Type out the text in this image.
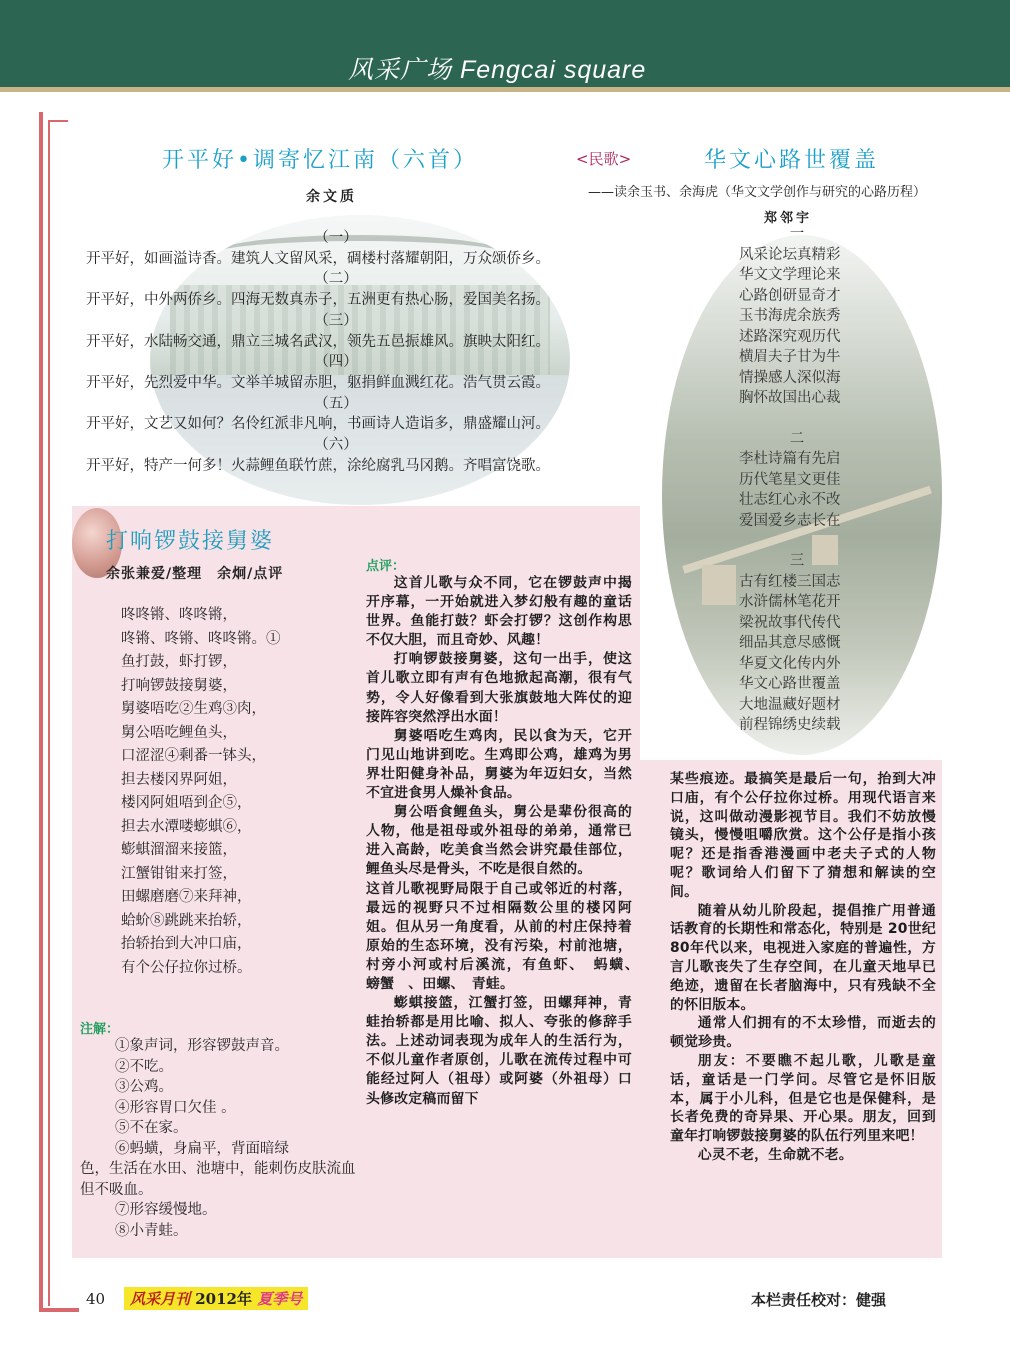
风采广场 Fengcai square
开平好•调寄忆江南（六首）
余文质
（一）
开平好，如画溢诗香。建筑人文留风采，碉楼村落耀朝阳，万众颂侨乡。
（二）
开平好，中外两侨乡。四海无数真赤子，五洲更有热心肠，爱国美名扬。
（三）
开平好，水陆畅交通，鼎立三城名武汉，领先五邑振雄风。旗映太阳红。
（四）
开平好，先烈爱中华。文举羊城留赤胆，躯捐鲜血溅红花。浩气贯云霞。
（五）
开平好，文艺又如何？名伶红派非凡响，书画诗人造诣多，鼎盛耀山河。
（六）
开平好，特产一何多！火蒜鲤鱼联竹蔗，涂纶腐乳马冈鹅。齐唱富饶歌。
<民歌>	华文心路世覆盖
——读余玉书、余海虎（华文文学创作与研究的心路历程）
郑邻宇
一
风采论坛真精彩
华文文学理论来
心路创研显奇才
玉书海虎余族秀
述路深究观历代
横眉夫子甘为牛
情操感人深似海
胸怀故国出心裁
二
李杜诗篇有先启
历代笔星文更佳
壮志红心永不改
爱国爱乡志长在
三
古有红楼三国志
水浒儒林笔花开
梁祝故事代传代
细品其意尽感慨
华夏文化传内外
华文心路世覆盖
大地温藏好题材
前程锦绣史续载
打响锣鼓接舅婆
余张兼爱/整理　余炯/点评
咚咚锵、咚咚锵，
咚锵、咚锵、咚咚锵。①
鱼打鼓，虾打锣，
打响锣鼓接舅婆，
舅婆唔吃②生鸡③肉，
舅公唔吃鲤鱼头，
口涩涩④剩番一钵头，
担去楼冈界阿姐，
楼冈阿姐唔到企⑤，
担去水潭喽蟛蜞⑥，
蟛蜞溜溜来接篮，
江蟹钳钳来打签，
田螺磨磨⑦来拜神，
蛤蚧⑧跳跳来抬轿，
抬轿抬到大冲口庙，
有个公仔拉你过桥。
注解：
①象声词，形容锣鼓声音。
②不吃。
③公鸡。
④形容胃口欠佳 。
⑤不在家。
⑥蚂蟥，身扁平，背面暗绿
色，生活在水田、池塘中，能刺伤皮肤流血但不吸血。
⑦形容缓慢地。
⑧小青蛙。
点评：

这首儿歌与众不同，它在锣鼓声中揭开序幕，一开始就进入梦幻般有趣的童话世界。鱼能打鼓？虾会打锣？这创作构思不仅大胆，而且奇妙、风趣！

打响锣鼓接舅婆，这句一出手，使这首儿歌立即有声有色地掀起高潮，很有气势，令人好像看到大张旗鼓地大阵仗的迎接阵容突然浮出水面！

舅婆唔吃生鸡肉，民以食为天，它开门见山地讲到吃。生鸡即公鸡，雄鸡为男界壮阳健身补品，舅婆为年迈妇女，当然不宜进食男人燥补食品。

舅公唔食鲤鱼头，舅公是辈份很高的人物，他是祖母或外祖母的弟弟，通常已进入高龄，吃美食当然会讲究最佳部位，鲤鱼头尽是骨头，不吃是很自然的。

这首儿歌视野局限于自己或邻近的村落，最远的视野只不过相隔数公里的楼冈阿姐。但从另一角度看，从前的村庄保持着原始的生态环境，没有污染，村前池塘，村旁小河或村后溪流，有鱼虾、　蚂蟥、　螃蟹　、田螺、　青蛙。

蟛蜞接篮，江蟹打签，田螺拜神，青蛙抬轿都是用比喻、拟人、夸张的修辞手法。上述动词表现为成年人的生活行为，不似儿童作者原创，儿歌在流传过程中可能经过阿人（祖母）或阿婆（外祖母）口头修改定稿而留下

某些痕迹。最搞笑是最后一句，抬到大冲口庙，有个公仔拉你过桥。用现代语言来说，这叫做动漫影视节目。我们不妨放慢镜头，慢慢咀嚼欣赏。这个公仔是指小孩呢？还是指香港漫画中老夫子式的人物呢？歌词给人们留下了猜想和解读的空间。

随着从幼儿阶段起，提倡推广用普通话教育的长期性和常态化，特别是 20世纪 80年代以来，电视进入家庭的普遍性，方言儿歌丧失了生存空间，在儿童天地早已绝迹，遗留在长者脑海中，只有残缺不全的怀旧版本。

通常人们拥有的不太珍惜，而逝去的顿觉珍贵。

朋友：不要瞧不起儿歌，儿歌是童话，童话是一门学问。尽管它是怀旧版本，属于小儿科，但是它也是保健科，是长者免费的奇异果、开心果。朋友，回到童年打响锣鼓接舅婆的队伍行列里来吧！

心灵不老，生命就不老。

40	风采月刊 2012年 夏季号	本栏责任校对：健强
